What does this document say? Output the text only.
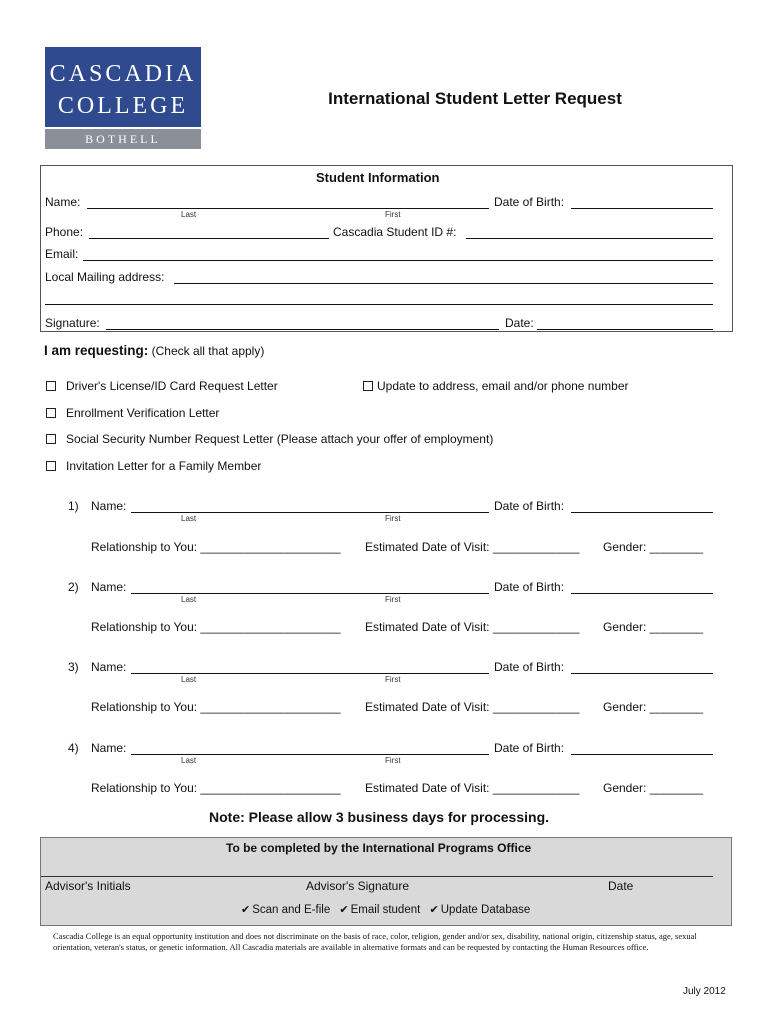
CASCADIA
COLLEGE
BOTHELL
International Student Letter Request
Student Information
Name:
Last	First
Date of Birth:
Phone:	Cascadia Student ID #:
Email:
Local Mailing address:
Signature:	Date:
I am requesting: (Check all that apply)
Driver's License/ID Card Request Letter	Update to address, email and/or phone number
Enrollment Verification Letter
Social Security Number Request Letter (Please attach your offer of employment)
Invitation Letter for a Family Member
1) Name:
Last	First
Date of Birth:
Relationship to You: _____________________ Estimated Date of Visit: _____________ Gender: ________
2) Name:
Last	First
Date of Birth:
Relationship to You: _____________________ Estimated Date of Visit: _____________ Gender: ________
3) Name:
Last	First
Date of Birth:
Relationship to You: _____________________ Estimated Date of Visit: _____________ Gender: ________
4) Name:
Last	First
Date of Birth:
Relationship to You: _____________________ Estimated Date of Visit: _____________ Gender: ________
Note: Please allow 3 business days for processing.
To be completed by the International Programs Office
Advisor's Initials	Advisor's Signature	Date
✔ Scan and E-file ✔ Email student ✔ Update Database
Cascadia College is an equal opportunity institution and does not discriminate on the basis of race, color, religion, gender and/or sex, disability, national origin, citizenship status, age, sexual orientation, veteran's status, or genetic information. All Cascadia materials are available in alternative formats and can be requested by contacting the Human Resources office.
July 2012
